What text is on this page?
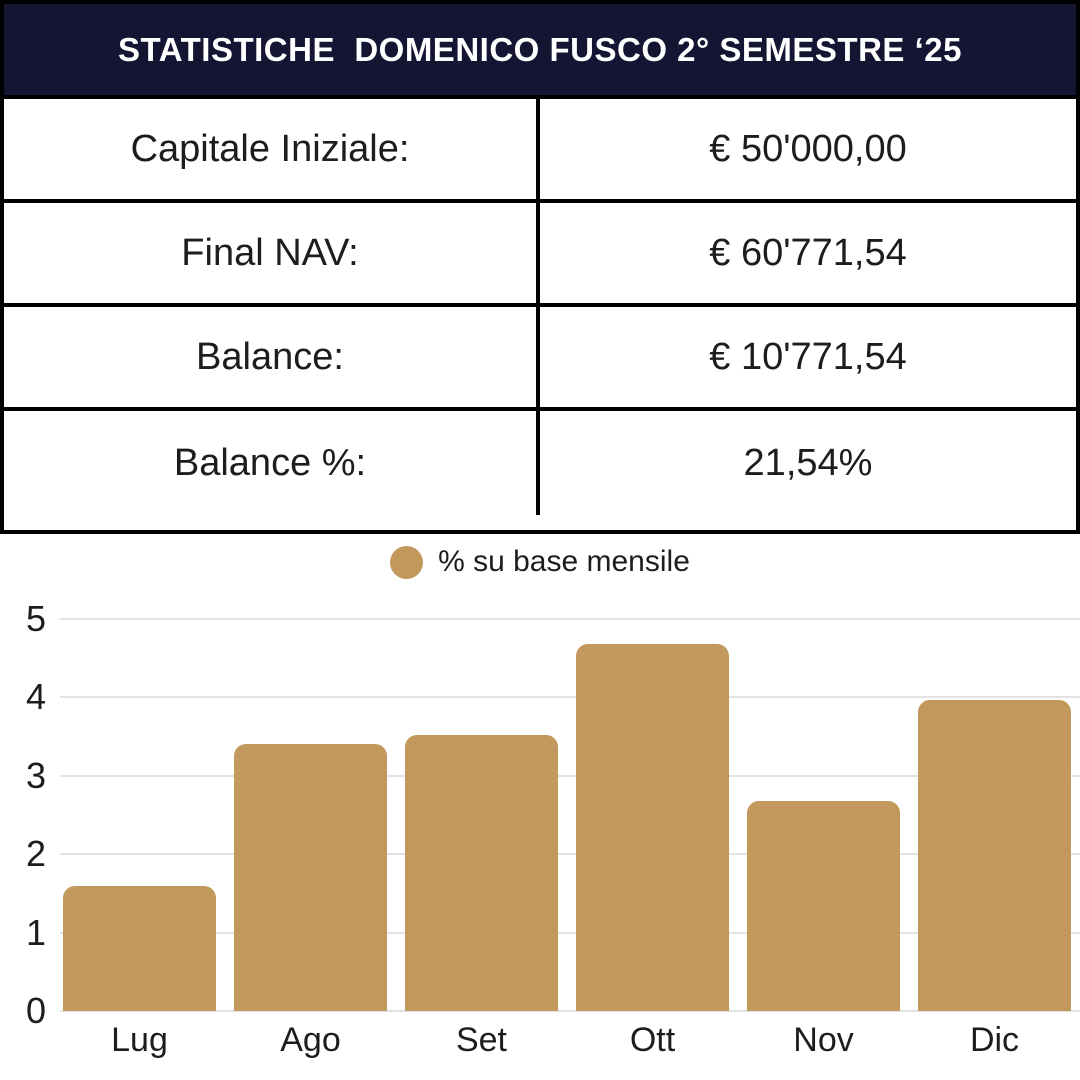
STATISTICHE  DOMENICO FUSCO 2° SEMESTRE ‘25
Capitale Iniziale:	€ 50'000,00
Final NAV:	€ 60'771,54
Balance:	€ 10'771,54
Balance %:	21,54%
% su base mensile
0
1
2
3
4
5
Lug	Ago	Set	Ott	Nov	Dic
